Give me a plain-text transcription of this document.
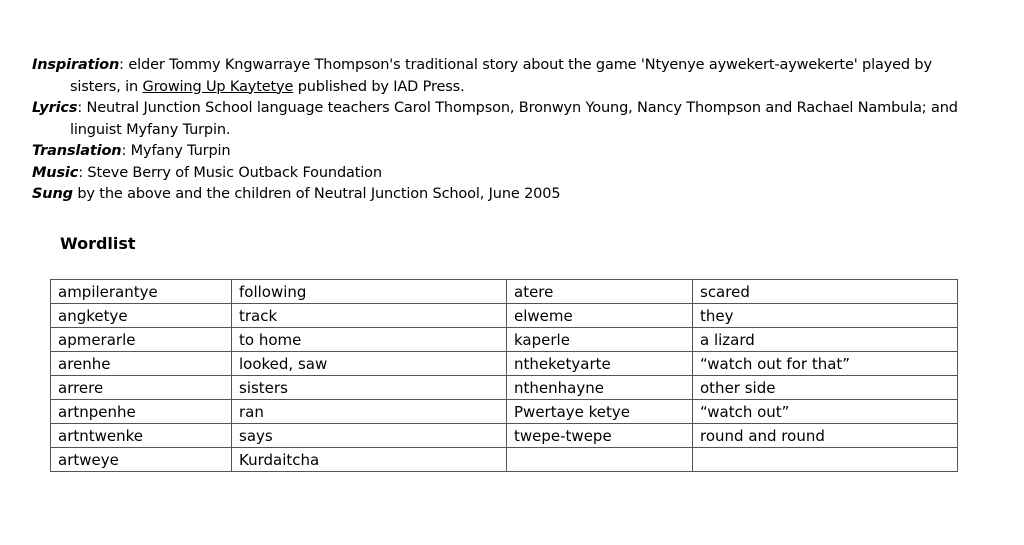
Inspiration: elder Tommy Kngwarraye Thompson's traditional story about the game 'Ntyenye aywekert-aywekerte' played by sisters, in Growing Up Kaytetye published by IAD Press.
Lyrics: Neutral Junction School language teachers Carol Thompson, Bronwyn Young, Nancy Thompson and Rachael Nambula; and linguist Myfany Turpin.
Translation: Myfany Turpin
Music: Steve Berry of Music Outback Foundation
Sung by the above and the children of Neutral Junction School, June 2005
Wordlist
ampilerantye	following	atere	scared
angketye	track	elweme	they
apmerarle	to home	kaperle	a lizard
arenhe	looked, saw	ntheketyarte	“watch out for that”
arrere	sisters	nthenhayne	other side
artnpenhe	ran	Pwertaye ketye	“watch out”
artntwenke	says	twepe-twepe	round and round
artweye	Kurdaitcha		
